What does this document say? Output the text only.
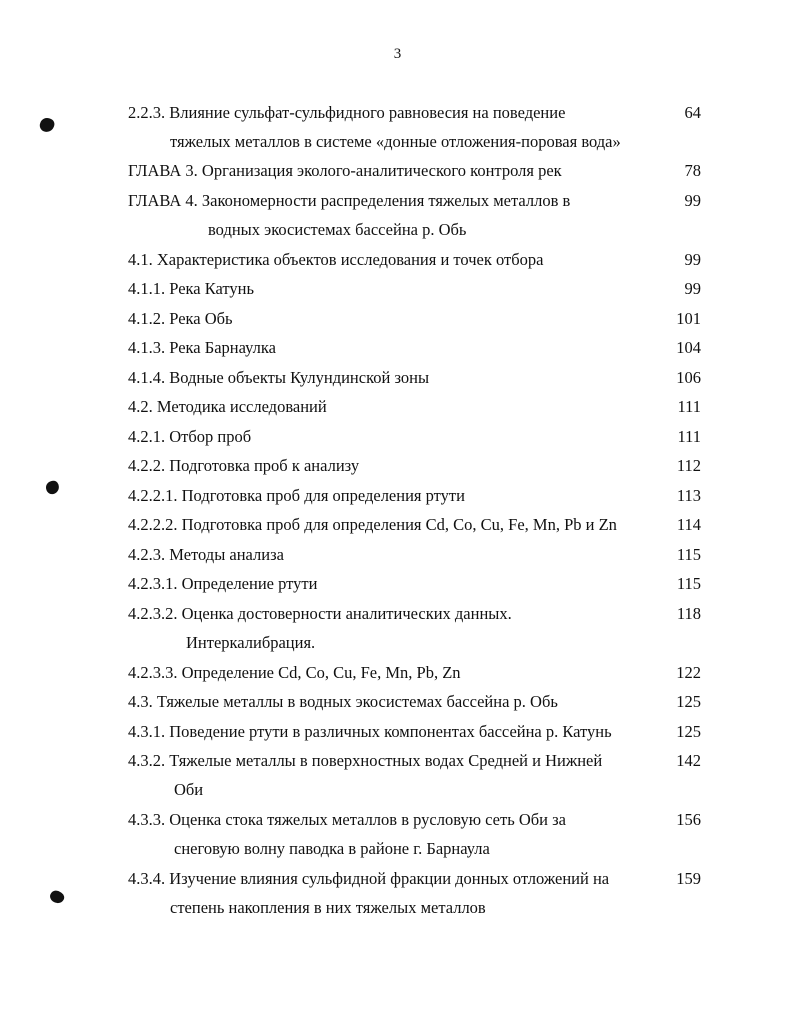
3
2.2.3. Влияние сульфат-сульфидного равновесия на поведение	64
тяжелых металлов в системе «донные отложения-поровая вода»
ГЛАВА 3. Организация эколого-аналитического контроля рек	78
ГЛАВА 4. Закономерности распределения тяжелых металлов в	99
водных экосистемах бассейна р. Обь
4.1. Характеристика объектов исследования и точек отбора	99
4.1.1. Река Катунь	99
4.1.2. Река Обь	101
4.1.3. Река Барнаулка	104
4.1.4. Водные объекты Кулундинской зоны	106
4.2. Методика исследований	111
4.2.1. Отбор проб	111
4.2.2. Подготовка проб к анализу	112
4.2.2.1. Подготовка проб для определения ртути	113
4.2.2.2. Подготовка проб для определения Cd, Co, Cu, Fe, Mn, Pb и Zn	114
4.2.3. Методы анализа	115
4.2.3.1. Определение ртути	115
4.2.3.2. Оценка достоверности аналитических данных.	118
Интеркалибрация.
4.2.3.3. Определение Cd, Co, Cu, Fe, Mn, Pb, Zn	122
4.3. Тяжелые металлы в водных экосистемах бассейна р. Обь	125
4.3.1. Поведение ртути в различных компонентах бассейна р. Катунь	125
4.3.2. Тяжелые металлы в поверхностных водах Средней и Нижней	142
Оби
4.3.3. Оценка стока тяжелых металлов в русловую сеть Оби за	156
снеговую волну паводка в районе г. Барнаула
4.3.4. Изучение влияния сульфидной фракции донных отложений на	159
степень накопления в них тяжелых металлов
